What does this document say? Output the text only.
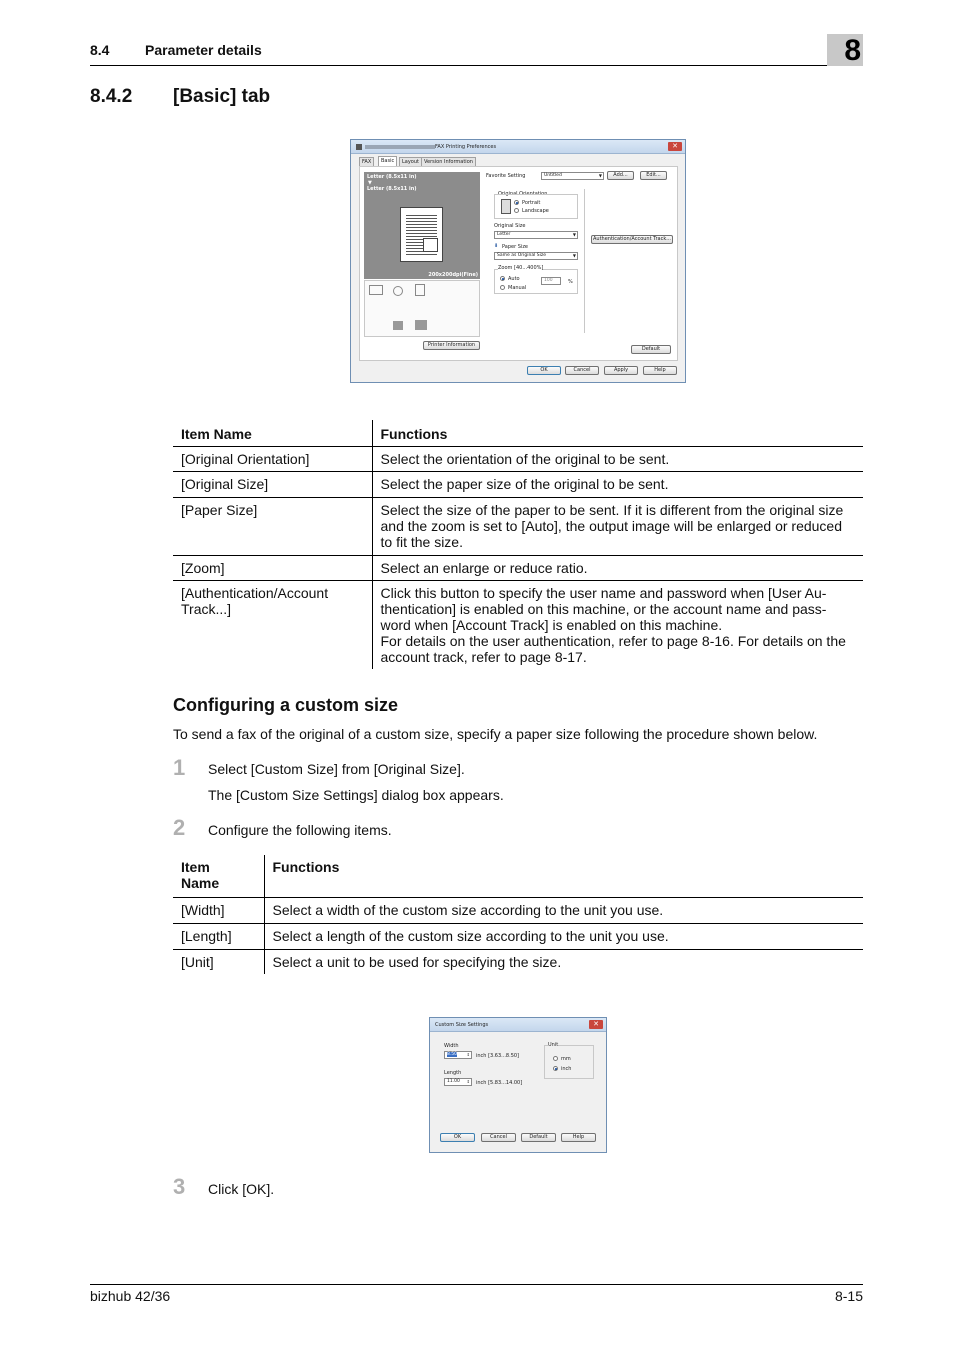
8.4	Parameter details	8
8.4.2 [Basic] tab
FAX Printing Preferences	✕
FAX	Basic	Layout	Version Information
Letter (8.5x11 in)
▼
Letter (8.5x11 in)
200x200dpi(Fine)
Printer Information
Favorite Setting	Untitled	▼	Add...	Edit...
Original Orientation
Portrait
Landscape
Original Size
Letter	▼
⬇ Paper Size
Same as Original Size	▼
Zoom [40...400%]
Auto
Manual
100	%
Authentication/Account Track...
Default
OK	Cancel	Apply	Help
Item Name	Functions
[Original Orientation]	Select the orientation of the original to be sent.
[Original Size]	Select the paper size of the original to be sent.
[Paper Size]	Select the size of the paper to be sent. If it is different from the original size and the zoom is set to [Auto], the output image will be enlarged or reduced to fit the size.
[Zoom]	Select an enlarge or reduce ratio.
[Authentication/Account Track...]	Click this button to specify the user name and password when [User Au-thentication] is enabled on this machine, or the account name and pass-word when [Account Track] is enabled on this machine.
For details on the user authentication, refer to page 8-16. For details on the account track, refer to page 8-17.
Configuring a custom size
To send a fax of the original of a custom size, specify a paper size following the procedure shown below.
1 Select [Custom Size] from [Original Size].
The [Custom Size Settings] dialog box appears.
2 Configure the following items.
Item Name	Functions
[Width]	Select a width of the custom size according to the unit you use.
[Length]	Select a length of the custom size according to the unit you use.
[Unit]	Select a unit to be used for specifying the size.
Custom Size Settings	✕
Width
8.50 ⇕ inch [3.63...8.50]
Length
11.00 ⇕ inch [5.83...14.00]
Unit
mm
inch
OK	Cancel	Default	Help
3 Click [OK].
bizhub 42/36	8-15
